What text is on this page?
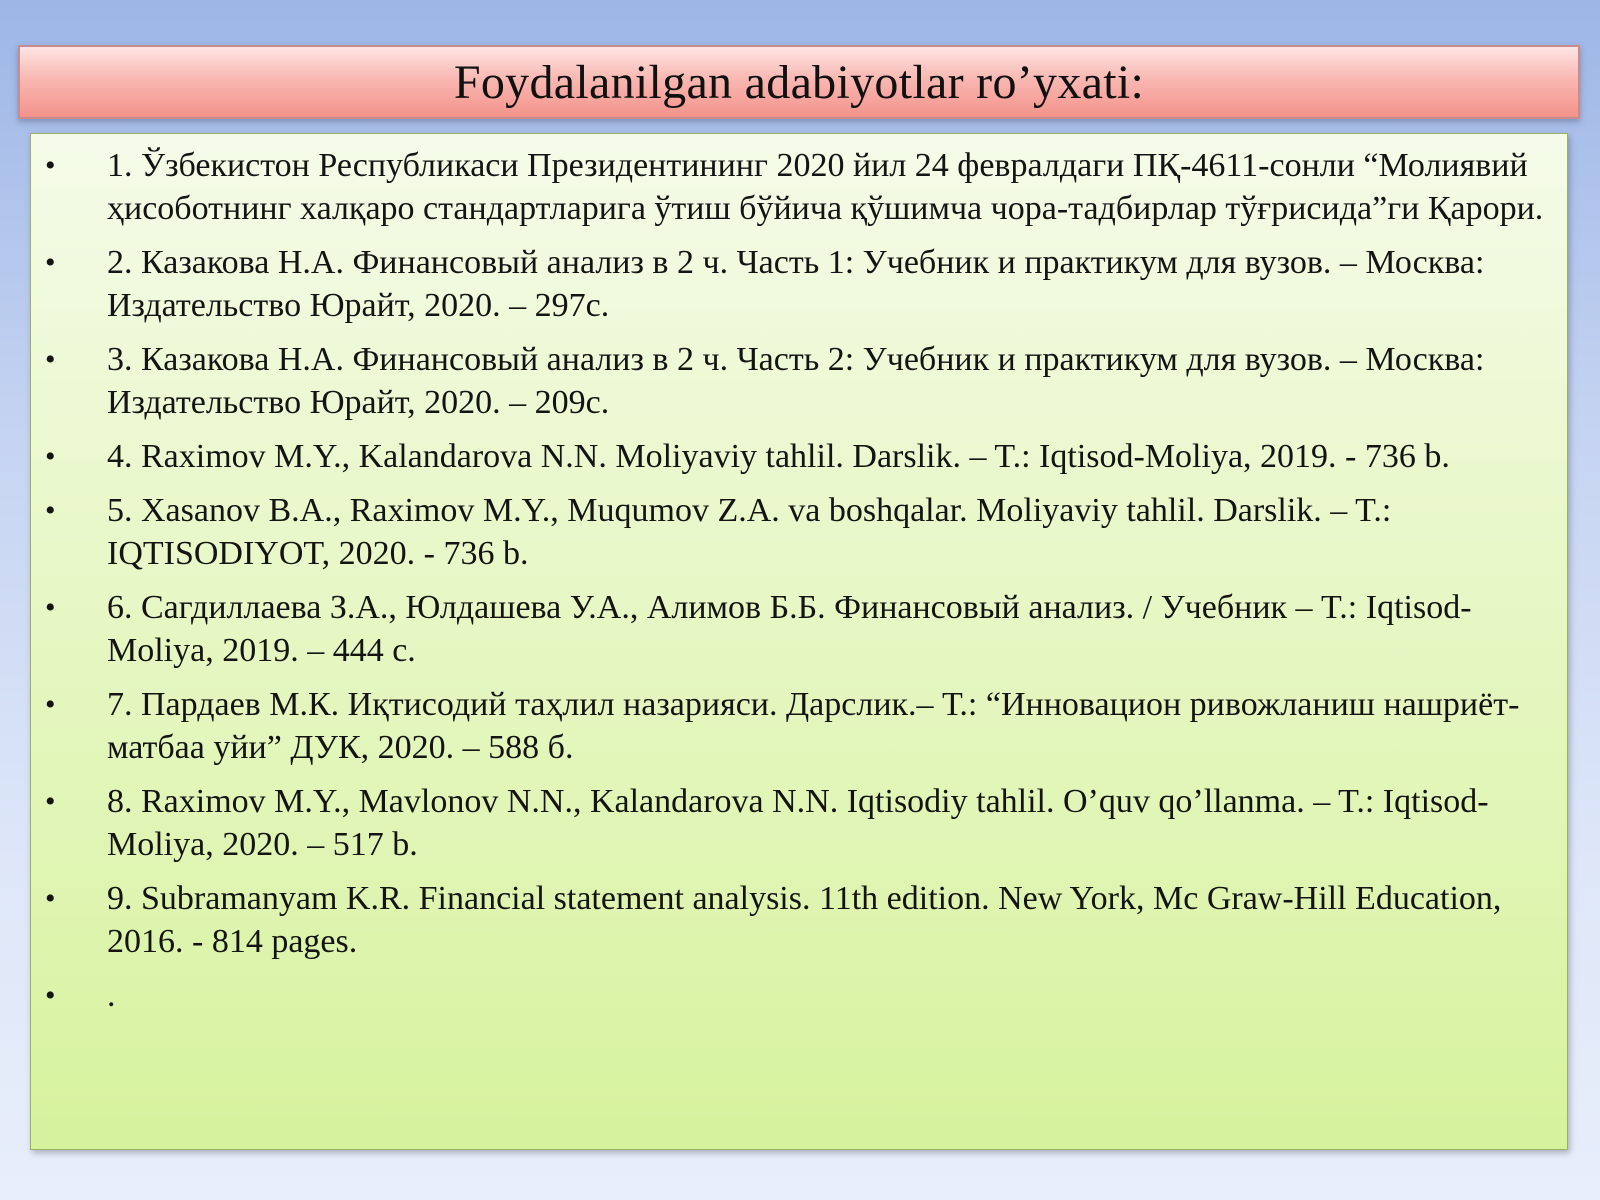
Foydalanilgan adabiyotlar ro’yxati:
• 1. Ўзбекистон Республикаси Президентининг 2020 йил 24 февралдаги ПҚ-4611-сонли “Молиявий ҳисоботнинг халқаро стандартларига ўтиш бўйича қўшимча чора-тадбирлар тўғрисида”ги Қарори.
• 2. Казакова Н.А. Финансовый анализ в 2 ч. Часть 1: Учебник и практикум для вузов. – Москва: Издательство Юрайт, 2020. – 297с.
• 3. Казакова Н.А. Финансовый анализ в 2 ч. Часть 2: Учебник и практикум для вузов. – Москва: Издательство Юрайт, 2020. – 209с.
• 4. Raximov M.Y., Kalandarova N.N. Moliyaviy tahlil. Darslik. – T.: Iqtisod-Moliya, 2019. - 736 b.
• 5. Xasanov B.A., Raximov M.Y., Muqumov Z.A. va boshqalar. Moliyaviy tahlil. Darslik. – T.: IQTISODIYOT, 2020. - 736 b.
• 6. Сагдиллаева З.А., Юлдашева У.А., Алимов Б.Б. Финансовый анализ. / Учебник – T.: Iqtisod-Moliya, 2019. – 444 с.
• 7. Пардаев М.К. Иқтисодий таҳлил назарияси. Дарслик.– Т.: “Инновацион ривожланиш нашриёт-матбаа уйи” ДУК, 2020. – 588 б.
• 8. Raximov M.Y., Mavlonov N.N., Kalandarova N.N. Iqtisodiy tahlil. O’quv qo’llanma. – T.: Iqtisod-Moliya, 2020. – 517 b.
• 9. Subramanyam K.R. Financial statement analysis. 11th edition. New York, Mc Graw-Hill Education, 2016. - 814 pages.
• .
